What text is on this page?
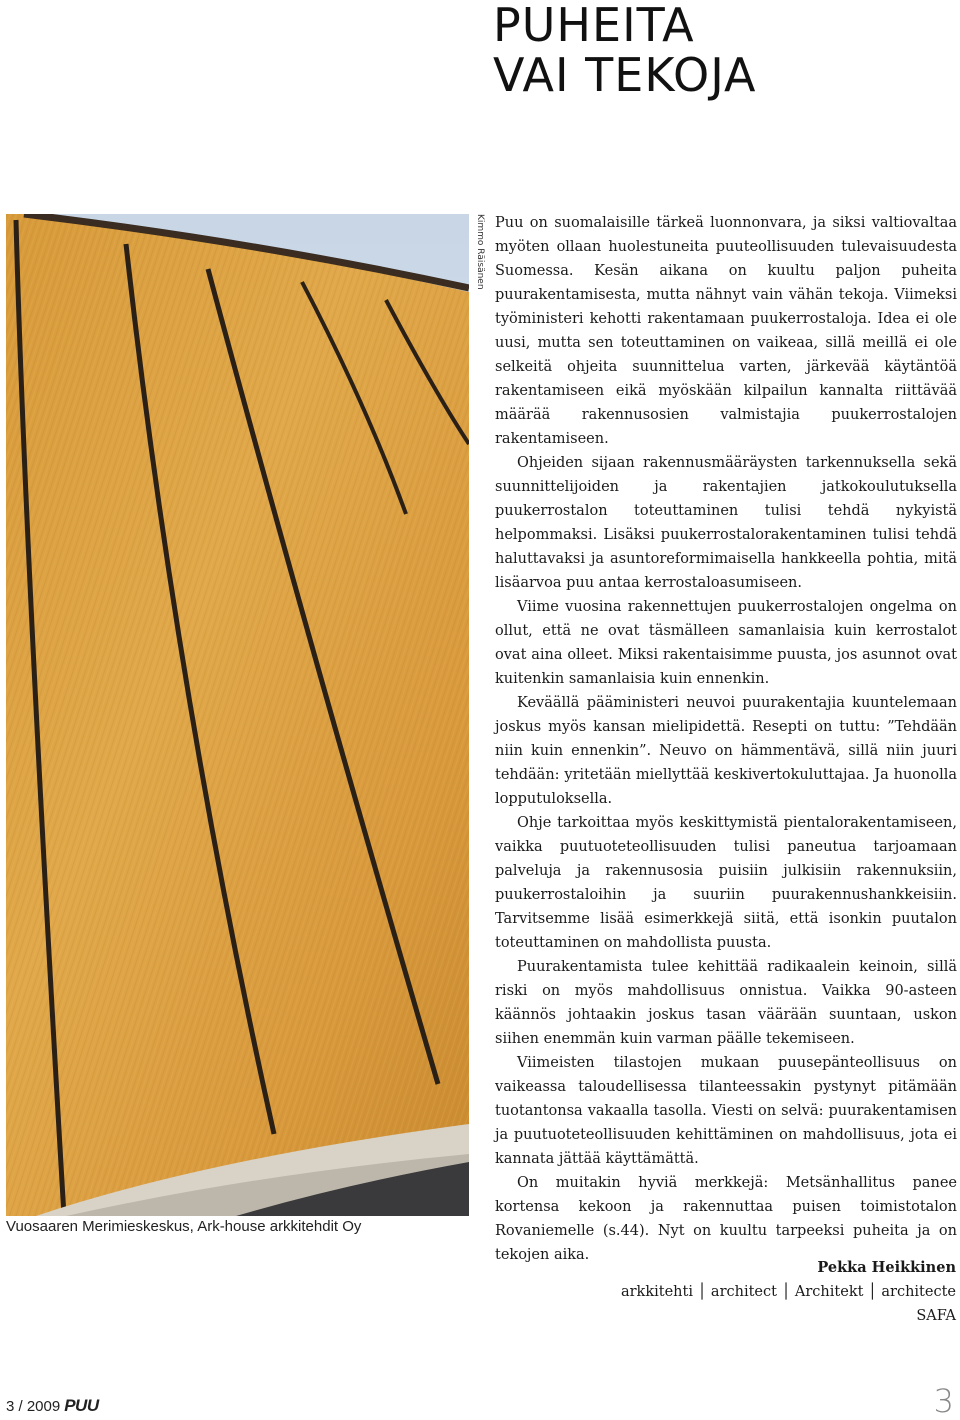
PUHEITA
VAI TEKOJA
Kimmo Räisänen
Vuosaaren Merimieskeskus, Ark-house arkkitehdit Oy

Puu on suomalaisille tärkeä luonnonvara, ja siksi valtiovaltaa myöten ollaan huolestuneita puuteollisuuden tulevaisuudesta Suomessa. Kesän aikana on kuultu paljon puheita puurakentamisesta, mutta nähnyt vain vähän tekoja. Viimeksi työministeri kehotti rakentamaan puukerrostaloja. Idea ei ole uusi, mutta sen toteuttaminen on vaikeaa, sillä meillä ei ole selkeitä ohjeita suunnittelua varten, järkevää käytäntöä rakentamiseen eikä myöskään kilpailun kannalta riittävää määrää rakennusosien valmistajia puukerrostalojen rakentamiseen.

Ohjeiden sijaan rakennusmääräysten tarkennuksella sekä suunnittelijoiden ja rakentajien jatkokoulutuksella puukerrostalon toteuttaminen tulisi tehdä nykyistä helpommaksi. Lisäksi puukerrostalorakentaminen tulisi tehdä haluttavaksi ja asuntoreformimaisella hankkeella pohtia, mitä lisäarvoa puu antaa kerrostaloasumiseen.

Viime vuosina rakennettujen puukerrostalojen ongelma on ollut, että ne ovat täsmälleen samanlaisia kuin kerrostalot ovat aina olleet. Miksi rakentaisimme puusta, jos asunnot ovat kuitenkin samanlaisia kuin ennenkin.

Keväällä pääministeri neuvoi puurakentajia kuuntelemaan joskus myös kansan mielipidettä. Resepti on tuttu: ”Tehdään niin kuin ennenkin”. Neuvo on hämmentävä, sillä niin juuri tehdään: yritetään miellyttää keskivertokuluttajaa. Ja huonolla lopputuloksella.

Ohje tarkoittaa myös keskittymistä pientalorakentamiseen, vaikka puutuoteteollisuuden tulisi paneutua tarjoamaan palveluja ja rakennusosia puisiin julkisiin rakennuksiin, puukerrostaloihin ja suuriin puurakennushankkeisiin. Tarvitsemme lisää esimerkkejä siitä, että isonkin puutalon toteuttaminen on mahdollista puusta.

Puurakentamista tulee kehittää radikaalein keinoin, sillä riski on myös mahdollisuus onnistua. Vaikka 90-asteen käännös johtaakin joskus tasan väärään suuntaan, uskon siihen enemmän kuin varman päälle tekemiseen.

Viimeisten tilastojen mukaan puusepänteollisuus on vaikeassa taloudellisessa tilanteessakin pystynyt pitämään tuotantonsa vakaalla tasolla. Viesti on selvä: puurakentamisen ja puutuoteteollisuuden kehittäminen on mahdollisuus, jota ei kannata jättää käyttämättä.

On muitakin hyviä merkkejä: Metsänhallitus panee kortensa kekoon ja rakennuttaa puisen toimistotalon Rovaniemelle (s.44). Nyt on kuultu tarpeeksi puheita ja on tekojen aika.

Pekka Heikkinen
arkkitehti │ architect │ Architekt │ architecte
SAFA
3 / 2009 PUU	3
